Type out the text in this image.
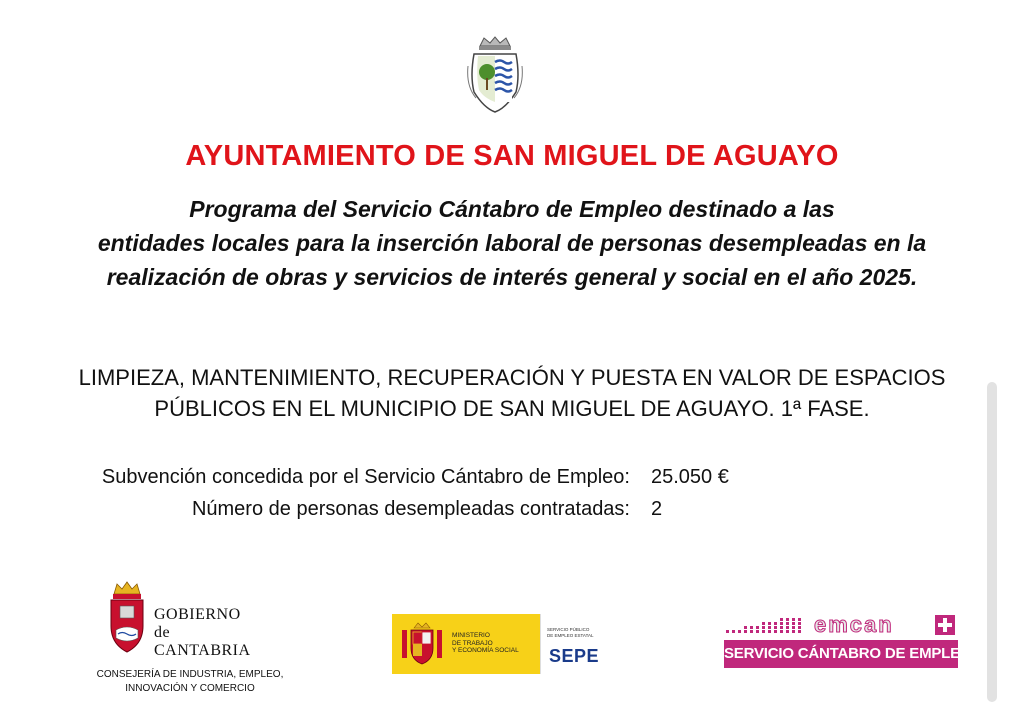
AYUNTAMIENTO DE SAN MIGUEL DE AGUAYO
Programa del Servicio Cántabro de Empleo destinado a las
entidades locales para la inserción laboral de personas desempleadas en la
realización de obras y servicios de interés general y social en el año 2025.
LIMPIEZA, MANTENIMIENTO, RECUPERACIÓN Y PUESTA EN VALOR DE ESPACIOS
PÚBLICOS EN EL MUNICIPIO DE SAN MIGUEL DE AGUAYO. 1ª FASE.
Subvención concedida por el Servicio Cántabro de Empleo: 25.050 €
Número de personas desempleadas contratadas: 2
GOBIERNO
de
CANTABRIA
CONSEJERÍA DE INDUSTRIA, EMPLEO,
INNOVACIÓN Y COMERCIO
MINISTERIO
DE TRABAJO
Y ECONOMÍA SOCIAL
SERVICIO PÚBLICO
DE EMPLEO ESTATAL
SEPE
emcan
SERVICIO CÁNTABRO DE EMPLEO
